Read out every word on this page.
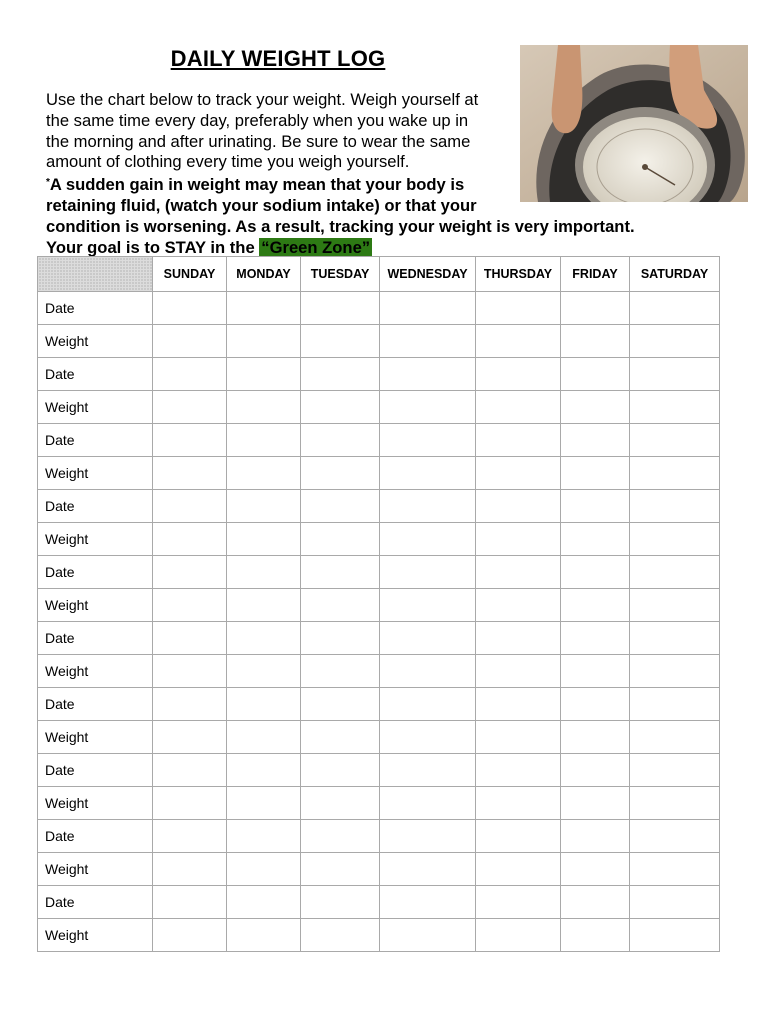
DAILY WEIGHT LOG
Use the chart below to track your weight. Weigh yourself at
the same time every day, preferably when you wake up in
the morning and after urinating. Be sure to wear the same
amount of clothing every time you weigh yourself.
*A sudden gain in weight may mean that your body is
retaining fluid, (watch your sodium intake) or that your
condition is worsening. As a result, tracking your weight is very important.
Your goal is to STAY in the “Green Zone”
	SUNDAY	MONDAY	TUESDAY	WEDNESDAY	THURSDAY	FRIDAY	SATURDAY
Date							
Weight							
Date							
Weight							
Date							
Weight							
Date							
Weight							
Date							
Weight							
Date							
Weight							
Date							
Weight							
Date							
Weight							
Date							
Weight							
Date							
Weight							
